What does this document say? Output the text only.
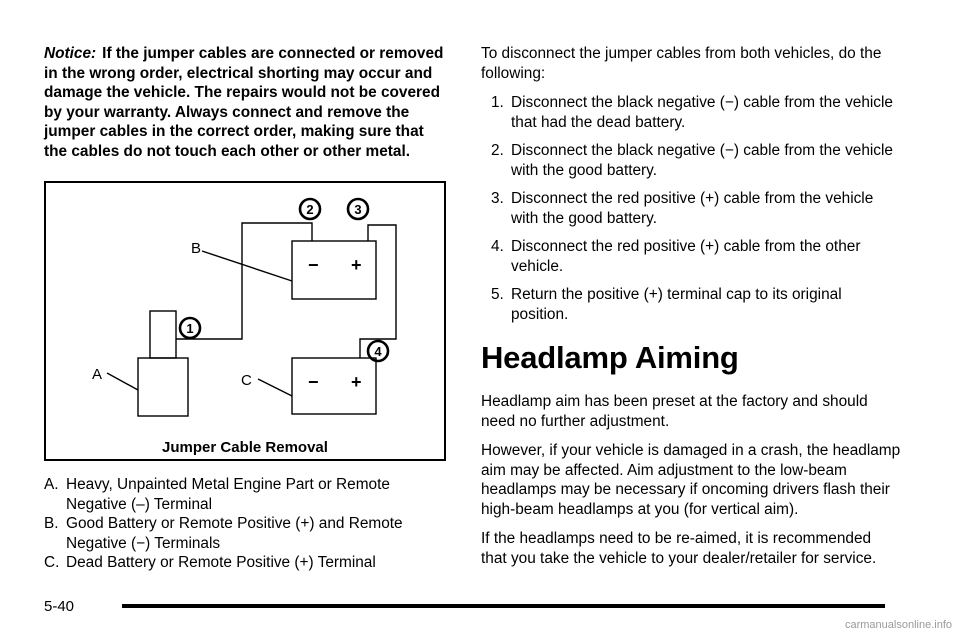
Notice: If the jumper cables are connected or removed in the wrong order, electrical shorting may occur and damage the vehicle. The repairs would not be covered by your warranty. Always connect and remove the jumper cables in the correct order, making sure that the cables do not touch each other or other metal.

− +
− +
B
A	C
1
2	3
4
Jumper Cable Removal

A. Heavy, Unpainted Metal Engine Part or Remote Negative (–) Terminal

B. Good Battery or Remote Positive (+) and Remote Negative (−) Terminals

C. Dead Battery or Remote Positive (+) Terminal

To disconnect the jumper cables from both vehicles, do the following:

1. Disconnect the black negative (−) cable from the vehicle that had the dead battery.
2. Disconnect the black negative (−) cable from the vehicle with the good battery.
3. Disconnect the red positive (+) cable from the vehicle with the good battery.
4. Disconnect the red positive (+) cable from the other vehicle.
5. Return the positive (+) terminal cap to its original position.
Headlamp Aiming

Headlamp aim has been preset at the factory and should need no further adjustment.

However, if your vehicle is damaged in a crash, the headlamp aim may be affected. Aim adjustment to the low-beam headlamps may be necessary if oncoming drivers flash their high-beam headlamps at you (for vertical aim).

If the headlamps need to be re-aimed, it is recommended that you take the vehicle to your dealer/retailer for service.

5-40
carmanualsonline.info
